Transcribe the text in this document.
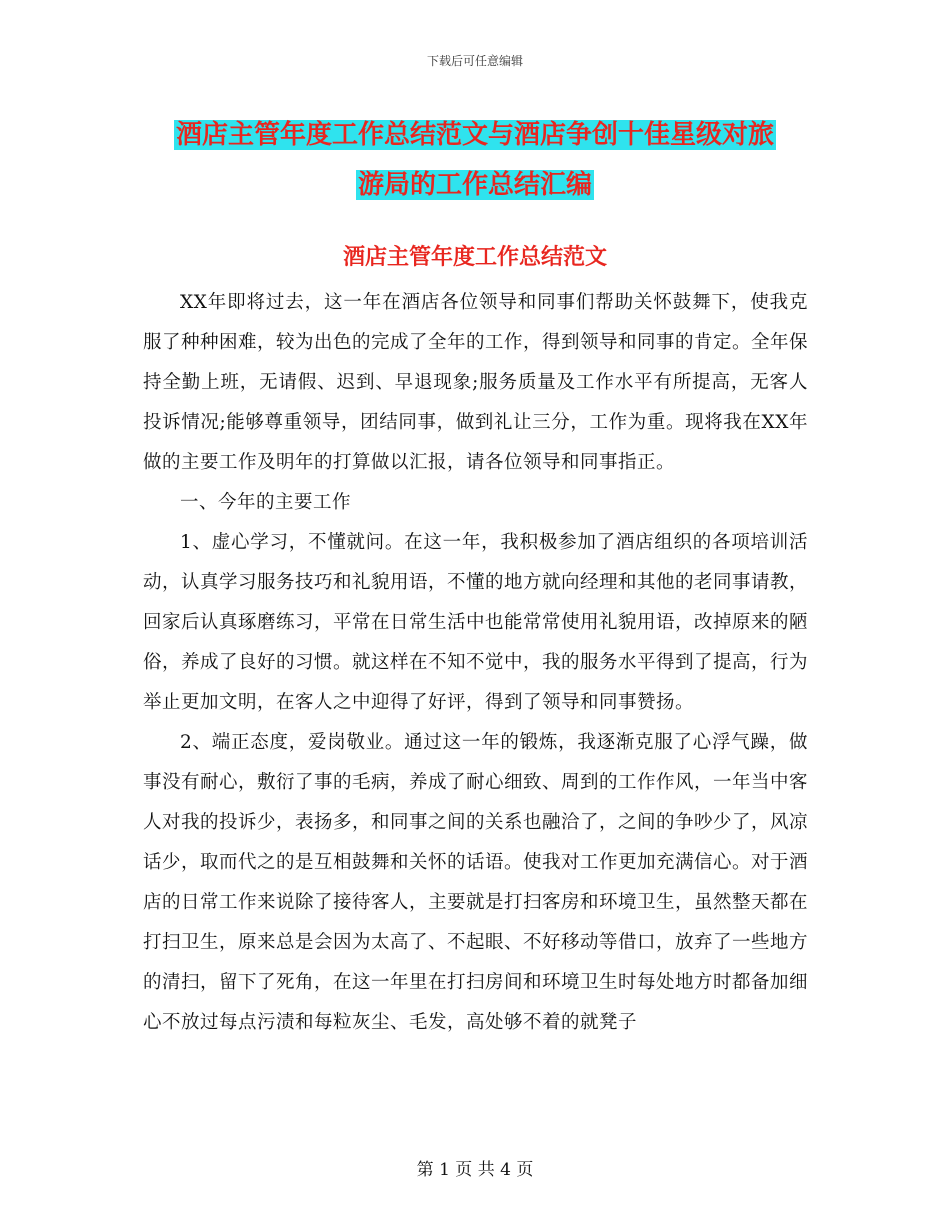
下载后可任意编辑
酒店主管年度工作总结范文与酒店争创十佳星级对旅
游局的工作总结汇编
酒店主管年度工作总结范文

XX年即将过去，这一年在酒店各位领导和同事们帮助关怀鼓舞下，使我克服了种种困难，较为出色的完成了全年的工作，得到领导和同事的肯定。全年保持全勤上班，无请假、迟到、早退现象;服务质量及工作水平有所提高，无客人投诉情况;能够尊重领导，团结同事，做到礼让三分，工作为重。现将我在XX年做的主要工作及明年的打算做以汇报，请各位领导和同事指正。

一、今年的主要工作

1、虚心学习，不懂就问。在这一年，我积极参加了酒店组织的各项培训活动，认真学习服务技巧和礼貌用语，不懂的地方就向经理和其他的老同事请教，回家后认真琢磨练习，平常在日常生活中也能常常使用礼貌用语，改掉原来的陋俗，养成了良好的习惯。就这样在不知不觉中，我的服务水平得到了提高，行为举止更加文明，在客人之中迎得了好评，得到了领导和同事赞扬。

2、端正态度，爱岗敬业。通过这一年的锻炼，我逐渐克服了心浮气躁，做事没有耐心，敷衍了事的毛病，养成了耐心细致、周到的工作作风，一年当中客人对我的投诉少，表扬多，和同事之间的关系也融洽了，之间的争吵少了，风凉话少，取而代之的是互相鼓舞和关怀的话语。使我对工作更加充满信心。对于酒店的日常工作来说除了接待客人，主要就是打扫客房和环境卫生，虽然整天都在打扫卫生，原来总是会因为太高了、不起眼、不好移动等借口，放弃了一些地方的清扫，留下了死角，在这一年里在打扫房间和环境卫生时每处地方时都备加细心不放过每点污渍和每粒灰尘、毛发，高处够不着的就凳子

第 1 页 共 4 页
